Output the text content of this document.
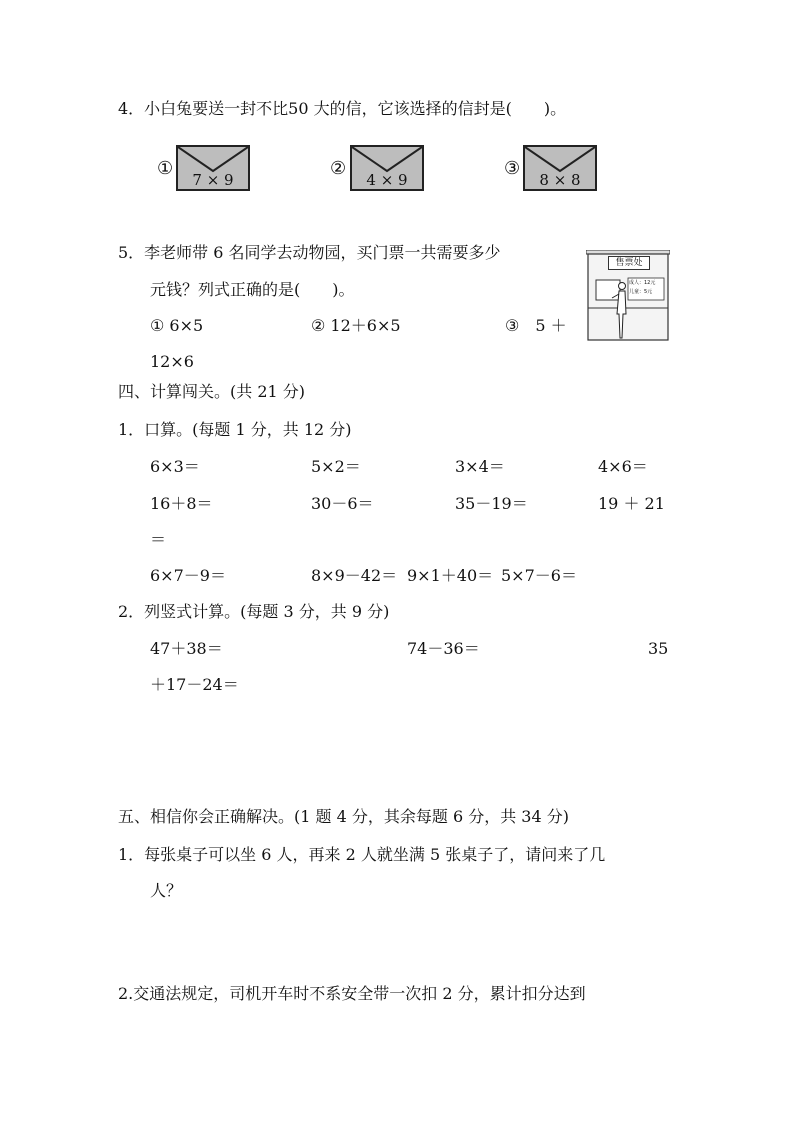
4．小白兔要送一封不比50 大的信，它该选择的信封是(　　)。
①
7 × 9
②
4 × 9
③
8 × 8
5．李老师带 6 名同学去动物园，买门票一共需要多少
元钱？列式正确的是(　　)。
① 6×5	② 12＋6×5	③　5 ＋
12×6
售票处
成人：12元
儿童：5元
四、计算闯关。(共 21 分)
1．口算。(每题 1 分，共 12 分)
6×3＝	5×2＝	3×4＝	4×6＝
16＋8＝	30－6＝	35－19＝	19 ＋ 21
＝
6×7－9＝	8×9－42＝ 9×1＋40＝ 5×7－6＝
2．列竖式计算。(每题 3 分，共 9 分)
47＋38＝	74－36＝	35
＋17－24＝
五、相信你会正确解决。(1 题 4 分，其余每题 6 分，共 34 分)
1．每张桌子可以坐 6 人，再来 2 人就坐满 5 张桌子了，请问来了几
人？
2.交通法规定，司机开车时不系安全带一次扣 2 分，累计扣分达到
